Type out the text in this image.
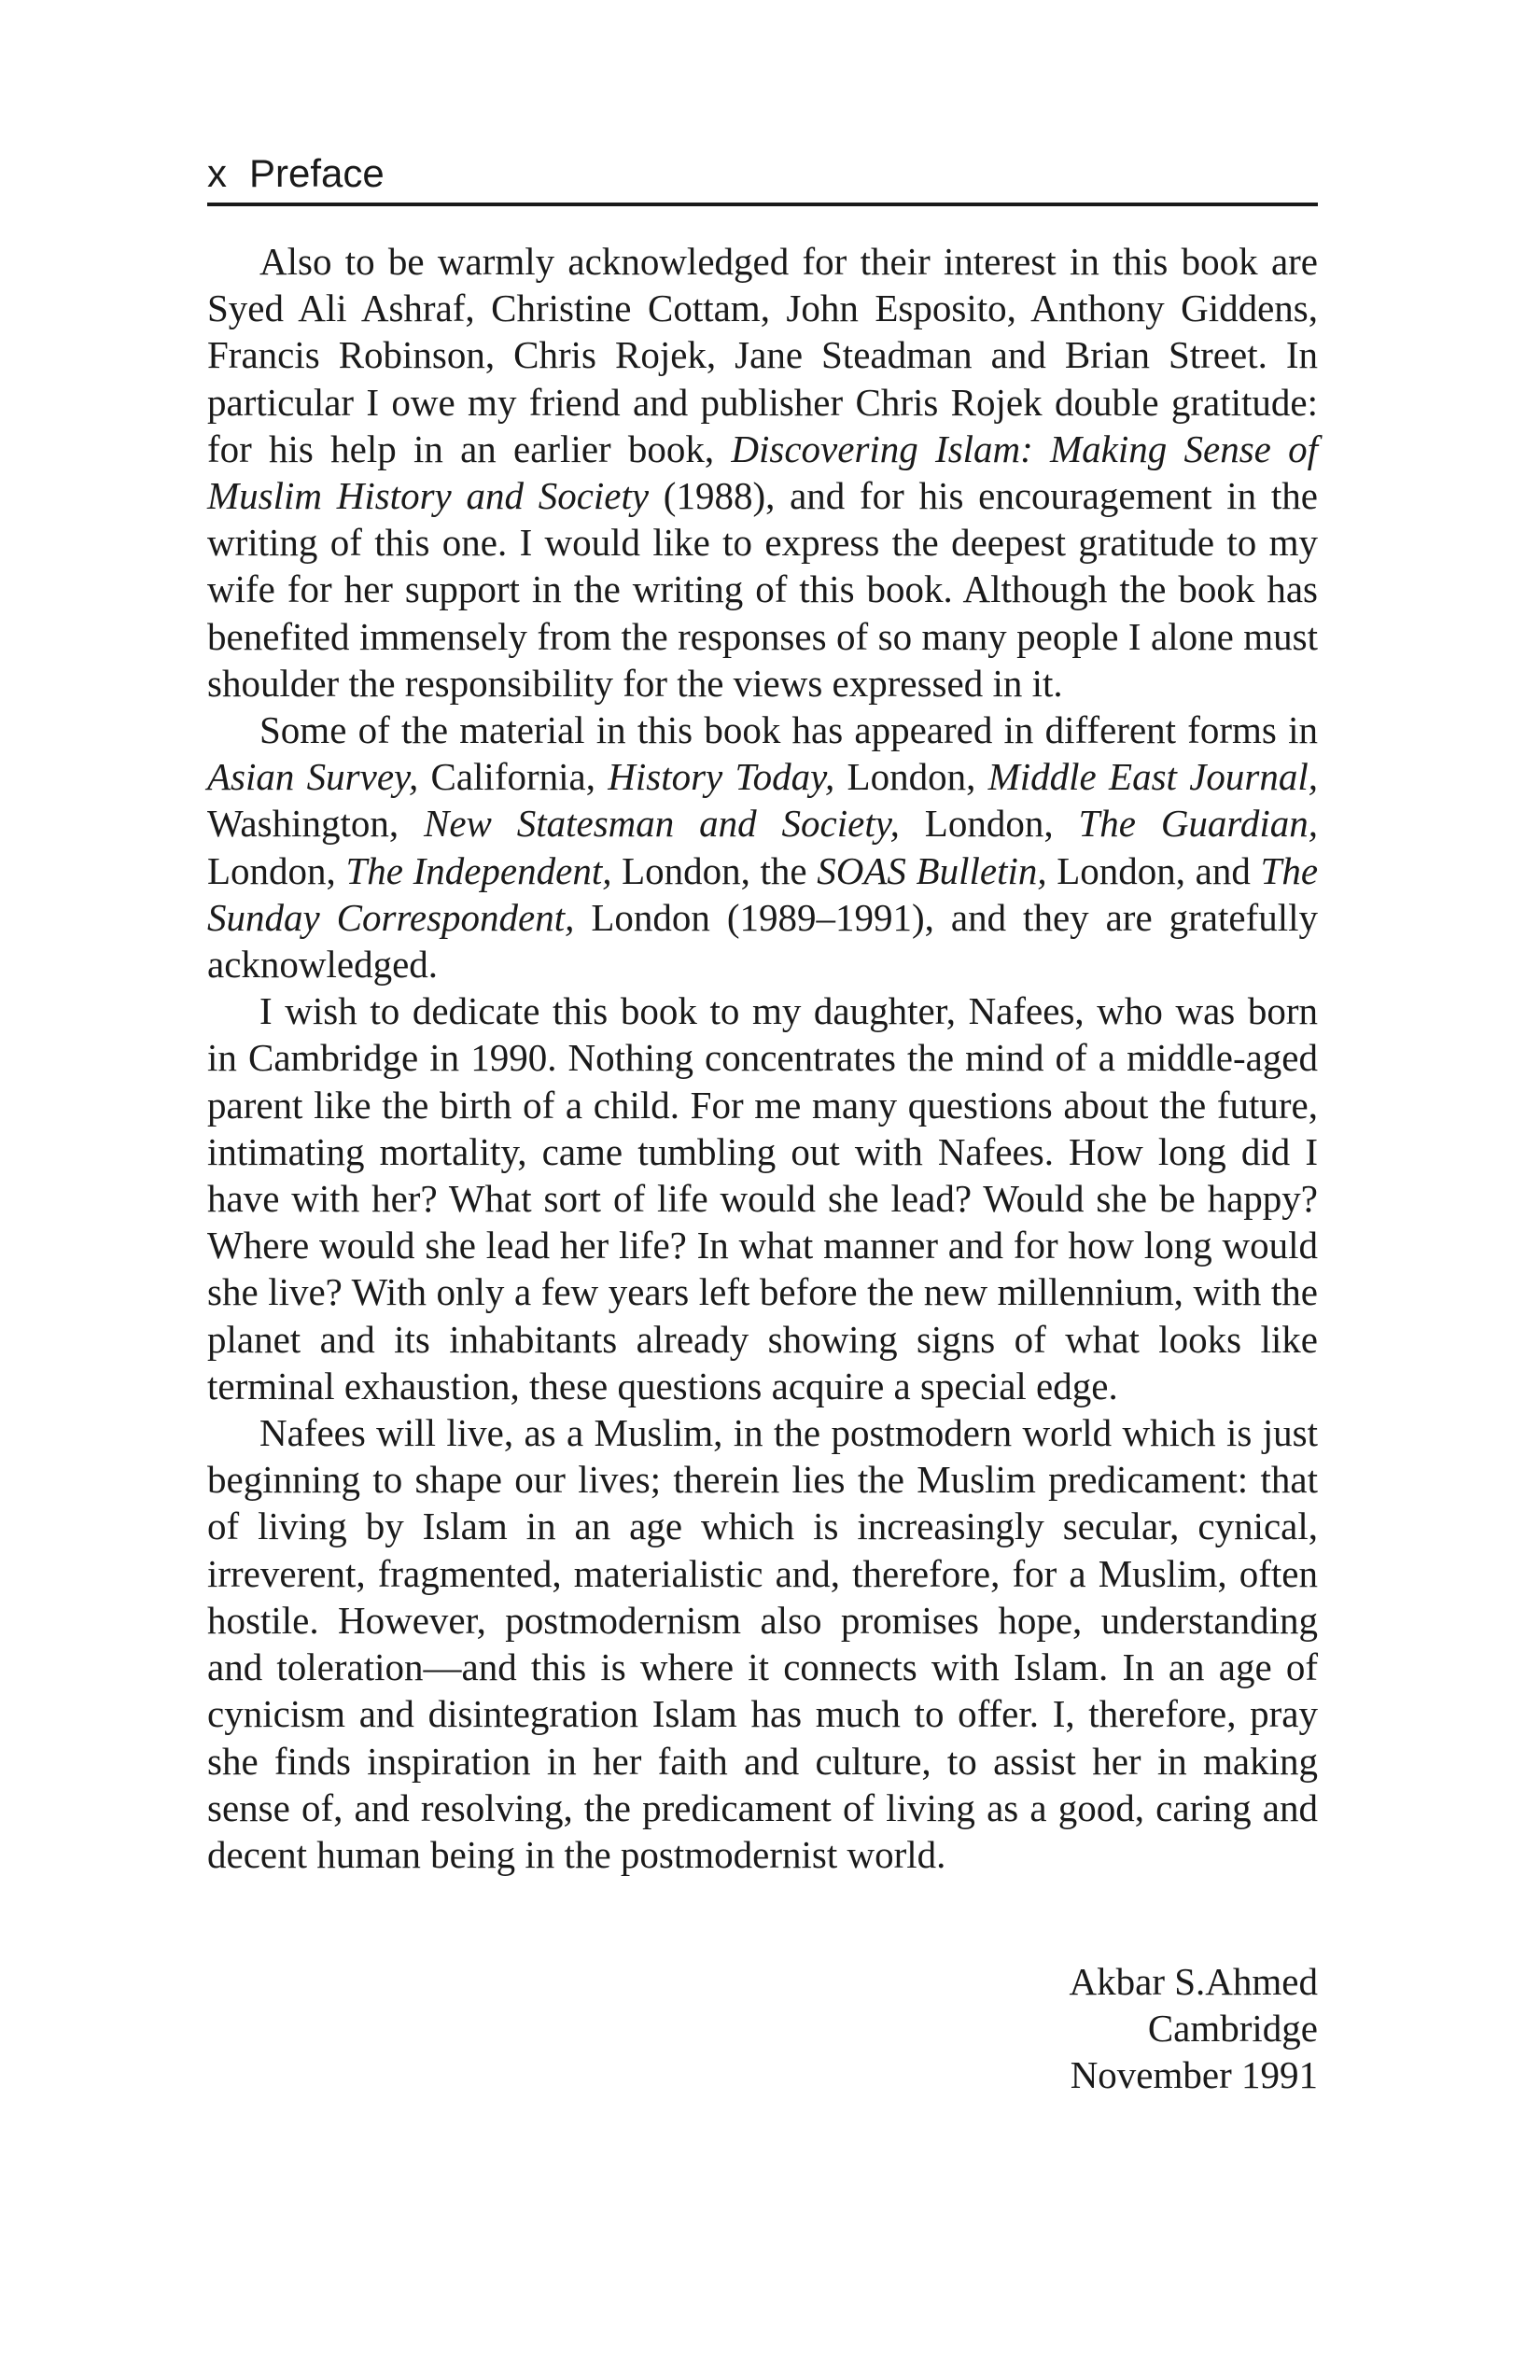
x Preface

Also to be warmly acknowledged for their interest in this book are Syed Ali Ashraf, Christine Cottam, John Esposito, Anthony Giddens, Francis Robinson, Chris Rojek, Jane Steadman and Brian Street. In particular I owe my friend and publisher Chris Rojek double gratitude: for his help in an earlier book, Discovering Islam: Making Sense of Muslim History and Society (1988), and for his encouragement in the writing of this one. I would like to express the deepest gratitude to my wife for her support in the writing of this book. Although the book has benefited immensely from the responses of so many people I alone must shoulder the responsibility for the views expressed in it.

Some of the material in this book has appeared in different forms in Asian Survey, California, History Today, London, Middle East Journal, Washington, New Statesman and Society, London, The Guardian, London, The Independent, London, the SOAS Bulletin, London, and The Sunday Correspondent, London (1989–1991), and they are gratefully acknowledged.

I wish to dedicate this book to my daughter, Nafees, who was born in Cambridge in 1990. Nothing concentrates the mind of a middle-aged parent like the birth of a child. For me many questions about the future, intimating mortality, came tumbling out with Nafees. How long did I have with her? What sort of life would she lead? Would she be happy? Where would she lead her life? In what manner and for how long would she live? With only a few years left before the new millennium, with the planet and its inhabitants already showing signs of what looks like terminal exhaustion, these questions acquire a special edge.

Nafees will live, as a Muslim, in the postmodern world which is just beginning to shape our lives; therein lies the Muslim predicament: that of living by Islam in an age which is increasingly secular, cynical, irreverent, fragmented, materialistic and, therefore, for a Muslim, often hostile. However, postmodernism also promises hope, understanding and toleration—and this is where it connects with Islam. In an age of cynicism and disintegration Islam has much to offer. I, therefore, pray she finds inspiration in her faith and culture, to assist her in making sense of, and resolving, the predicament of living as a good, caring and decent human being in the postmodernist world.

Akbar S.Ahmed
Cambridge
November 1991
